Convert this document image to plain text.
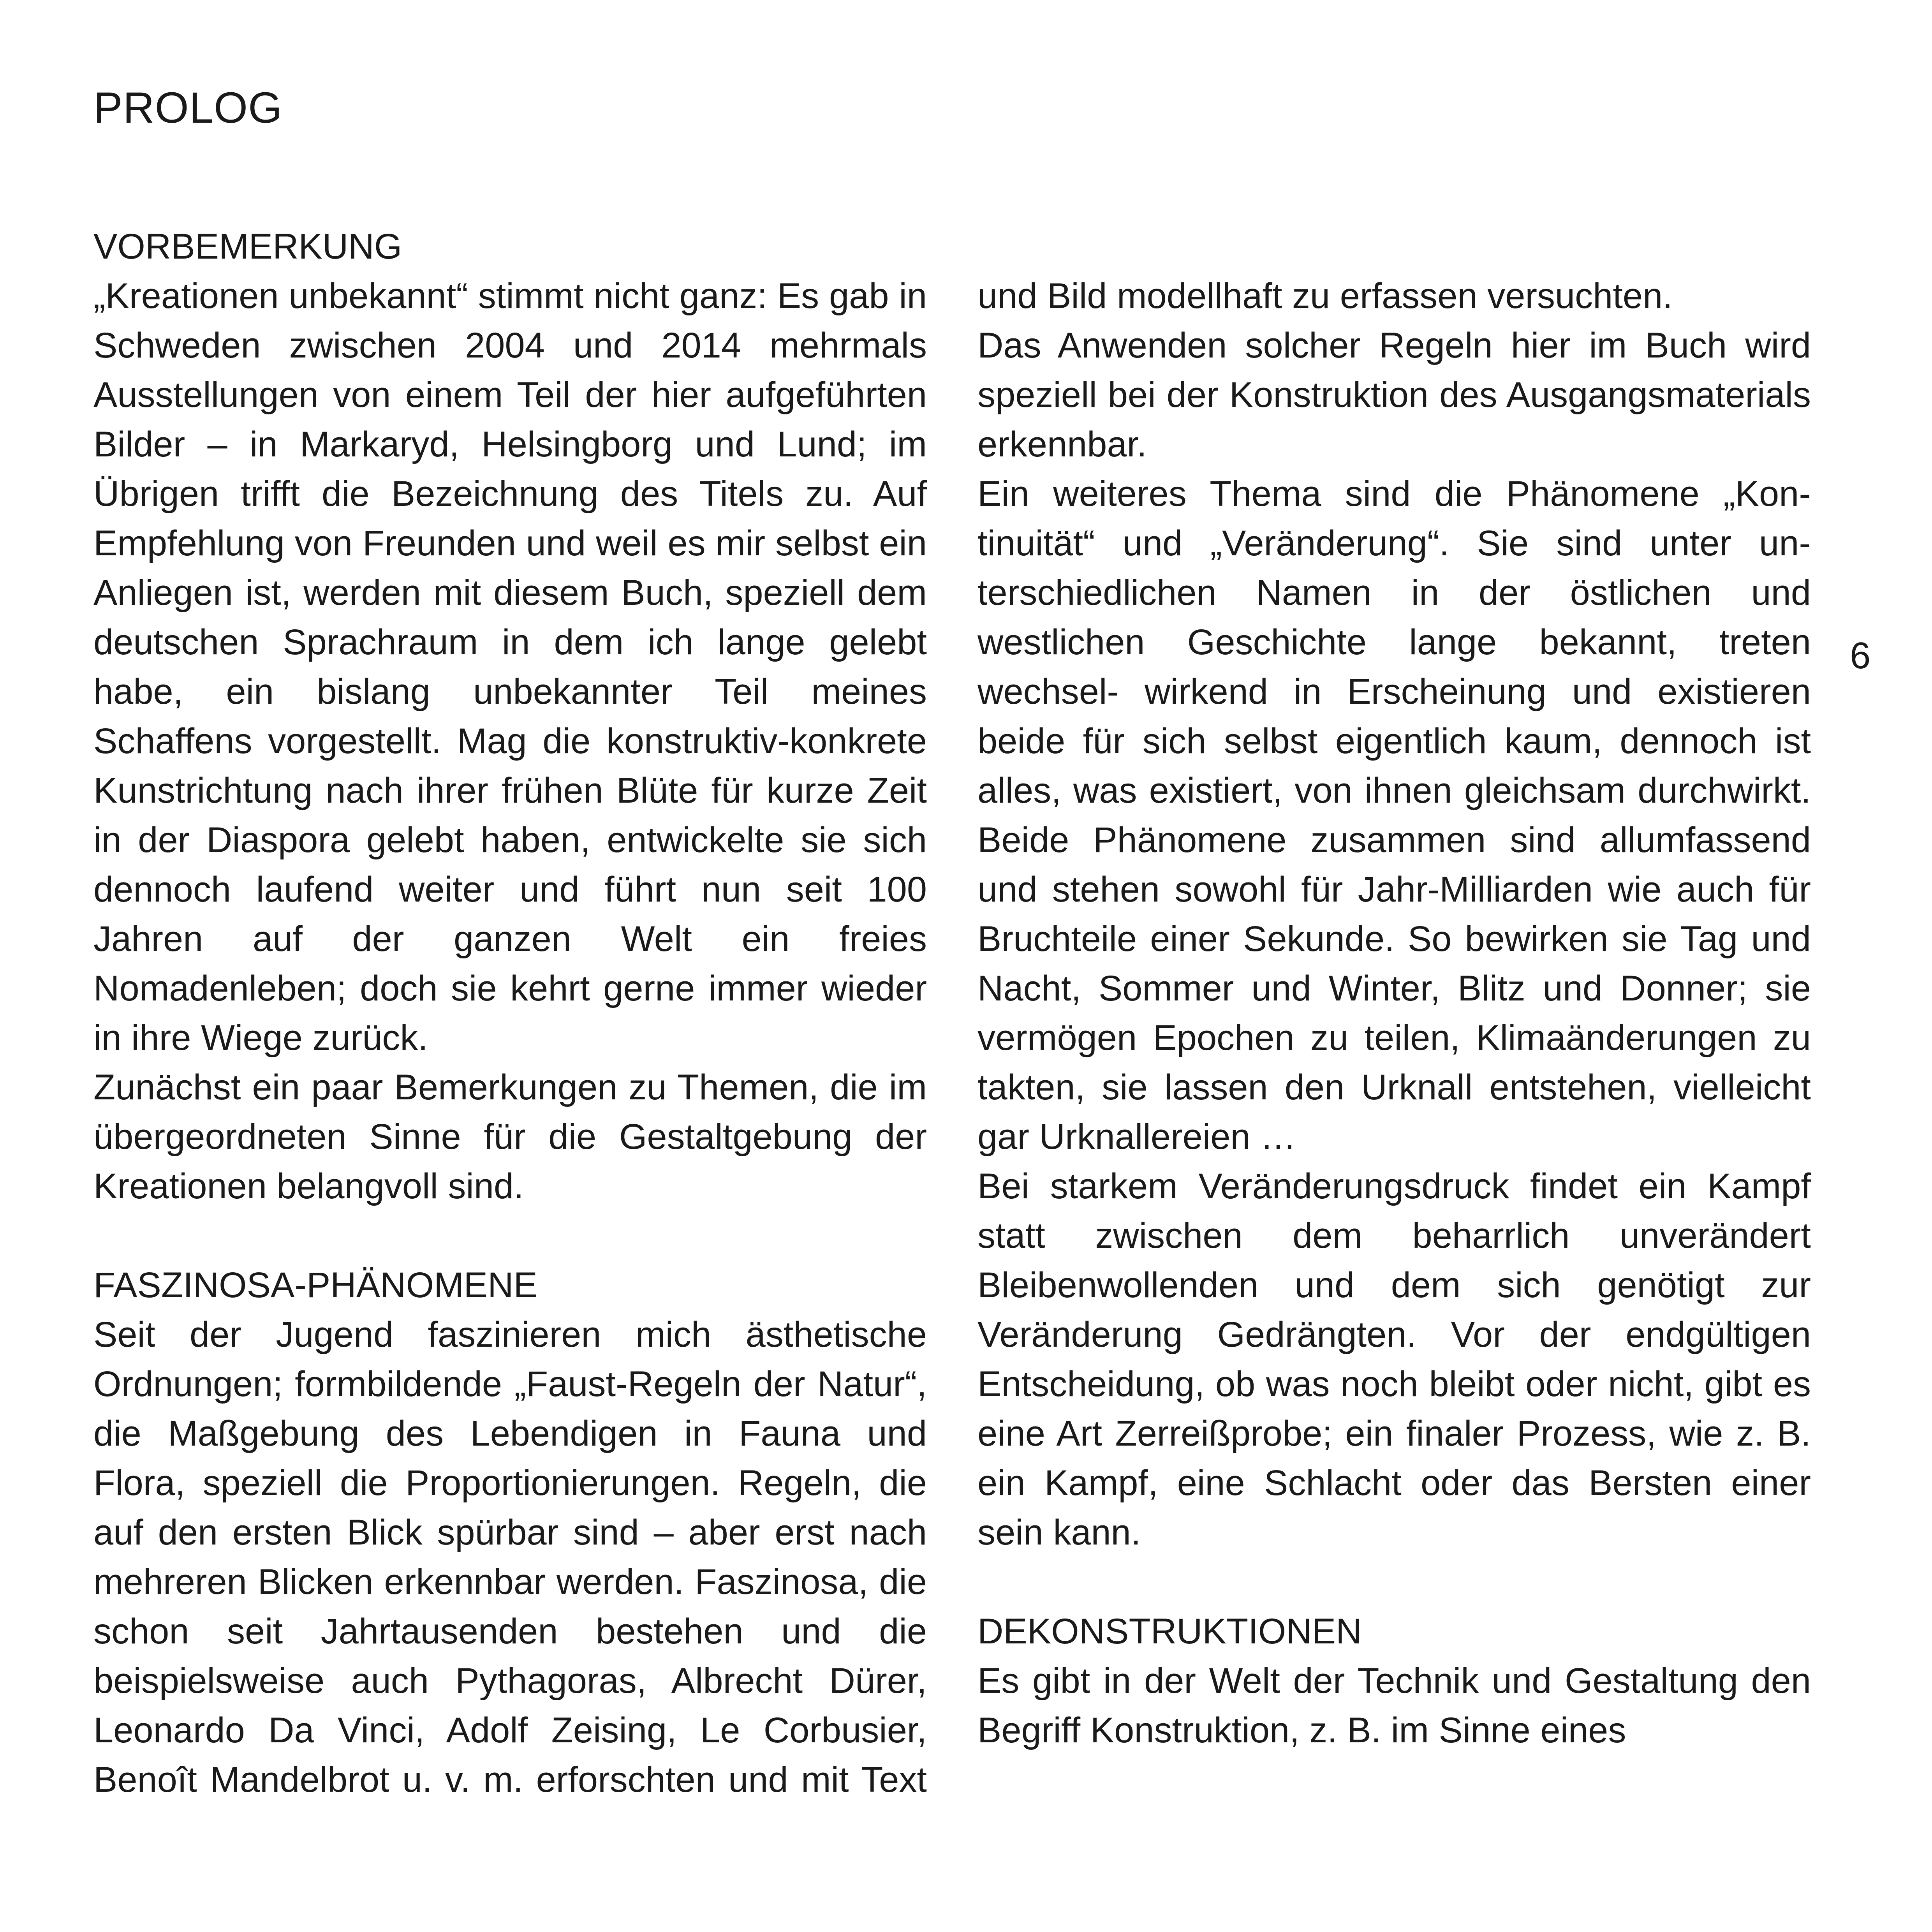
PROLOG
VORBEMERKUNG

„Kreationen unbekannt“ stimmt nicht ganz: Es gab in Schweden zwischen 2004 und 2014 mehrmals Ausstellungen von einem Teil der hier aufgeführten Bilder – in Markaryd, Helsingborg und Lund; im Übrigen trifft die Bezeichnung des Titels zu. Auf Empfehlung von Freunden und weil es mir selbst ein Anliegen ist, werden mit diesem Buch, speziell dem deutschen Sprachraum in dem ich lange gelebt habe, ein bislang unbekannter Teil meines Schaffens vorgestellt. Mag die konstruktiv-konkrete Kunstrichtung nach ihrer frühen Blüte für kurze Zeit in der Diaspora gelebt haben, entwickelte sie sich dennoch laufend weiter und führt nun seit 100 Jahren auf der ganzen Welt ein freies Nomadenleben; doch sie kehrt gerne immer wieder in ihre Wiege zurück.

Zunächst ein paar Bemerkungen zu Themen, die im übergeordneten Sinne für die Gestaltgebung der Kreationen belangvoll sind.

FASZINOSA-PHÄNOMENE

Seit der Jugend faszinieren mich ästhetische Ordnungen; formbildende „Faust-Regeln der Natur“, die Maßgebung des Lebendigen in Fauna und Flora, speziell die Proportionierungen. Regeln, die auf den ersten Blick spürbar sind – aber erst nach mehreren Blicken erkennbar werden. Faszinosa, die schon seit Jahrtausenden bestehen und die beispielsweise auch Pythagoras, Albrecht Dürer, Leonardo Da Vinci, Adolf Zeising, Le Corbusier, Benoît Mandelbrot u. v. m. erforschten und mit Text

und Bild modellhaft zu erfassen versuchten.

Das Anwenden solcher Regeln hier im Buch wird speziell bei der Konstruktion des Ausgangsmaterials erkennbar.

Ein weiteres Thema sind die Phänomene „Kontinuität“ und „Veränderung“. Sie sind unter unterschiedlichen Namen in der östlichen und westlichen Geschichte lange bekannt, treten wechsel- wirkend in Erscheinung und existieren beide für sich selbst eigentlich kaum, dennoch ist alles, was existiert, von ihnen gleichsam durchwirkt. Beide Phänomene zusammen sind allumfassend und stehen sowohl für Jahr-Milliarden wie auch für Bruchteile einer Sekunde. So bewirken sie Tag und Nacht, Sommer und Winter, Blitz und Donner; sie vermögen Epochen zu teilen, Klimaänderungen zu takten, sie lassen den Urknall entstehen, vielleicht gar Urknallereien …

Bei starkem Veränderungsdruck findet ein Kampf statt zwischen dem beharrlich unverändert Bleibenwollenden und dem sich genötigt zur Veränderung Gedrängten. Vor der endgültigen Entscheidung, ob was noch bleibt oder nicht, gibt es eine Art Zerreißprobe; ein finaler Prozess, wie z. B. ein Kampf, eine Schlacht oder das Bersten einer sein kann.

DEKONSTRUKTIONEN

Es gibt in der Welt der Technik und Gestaltung den Begriff Konstruktion, z. B. im Sinne eines

6
